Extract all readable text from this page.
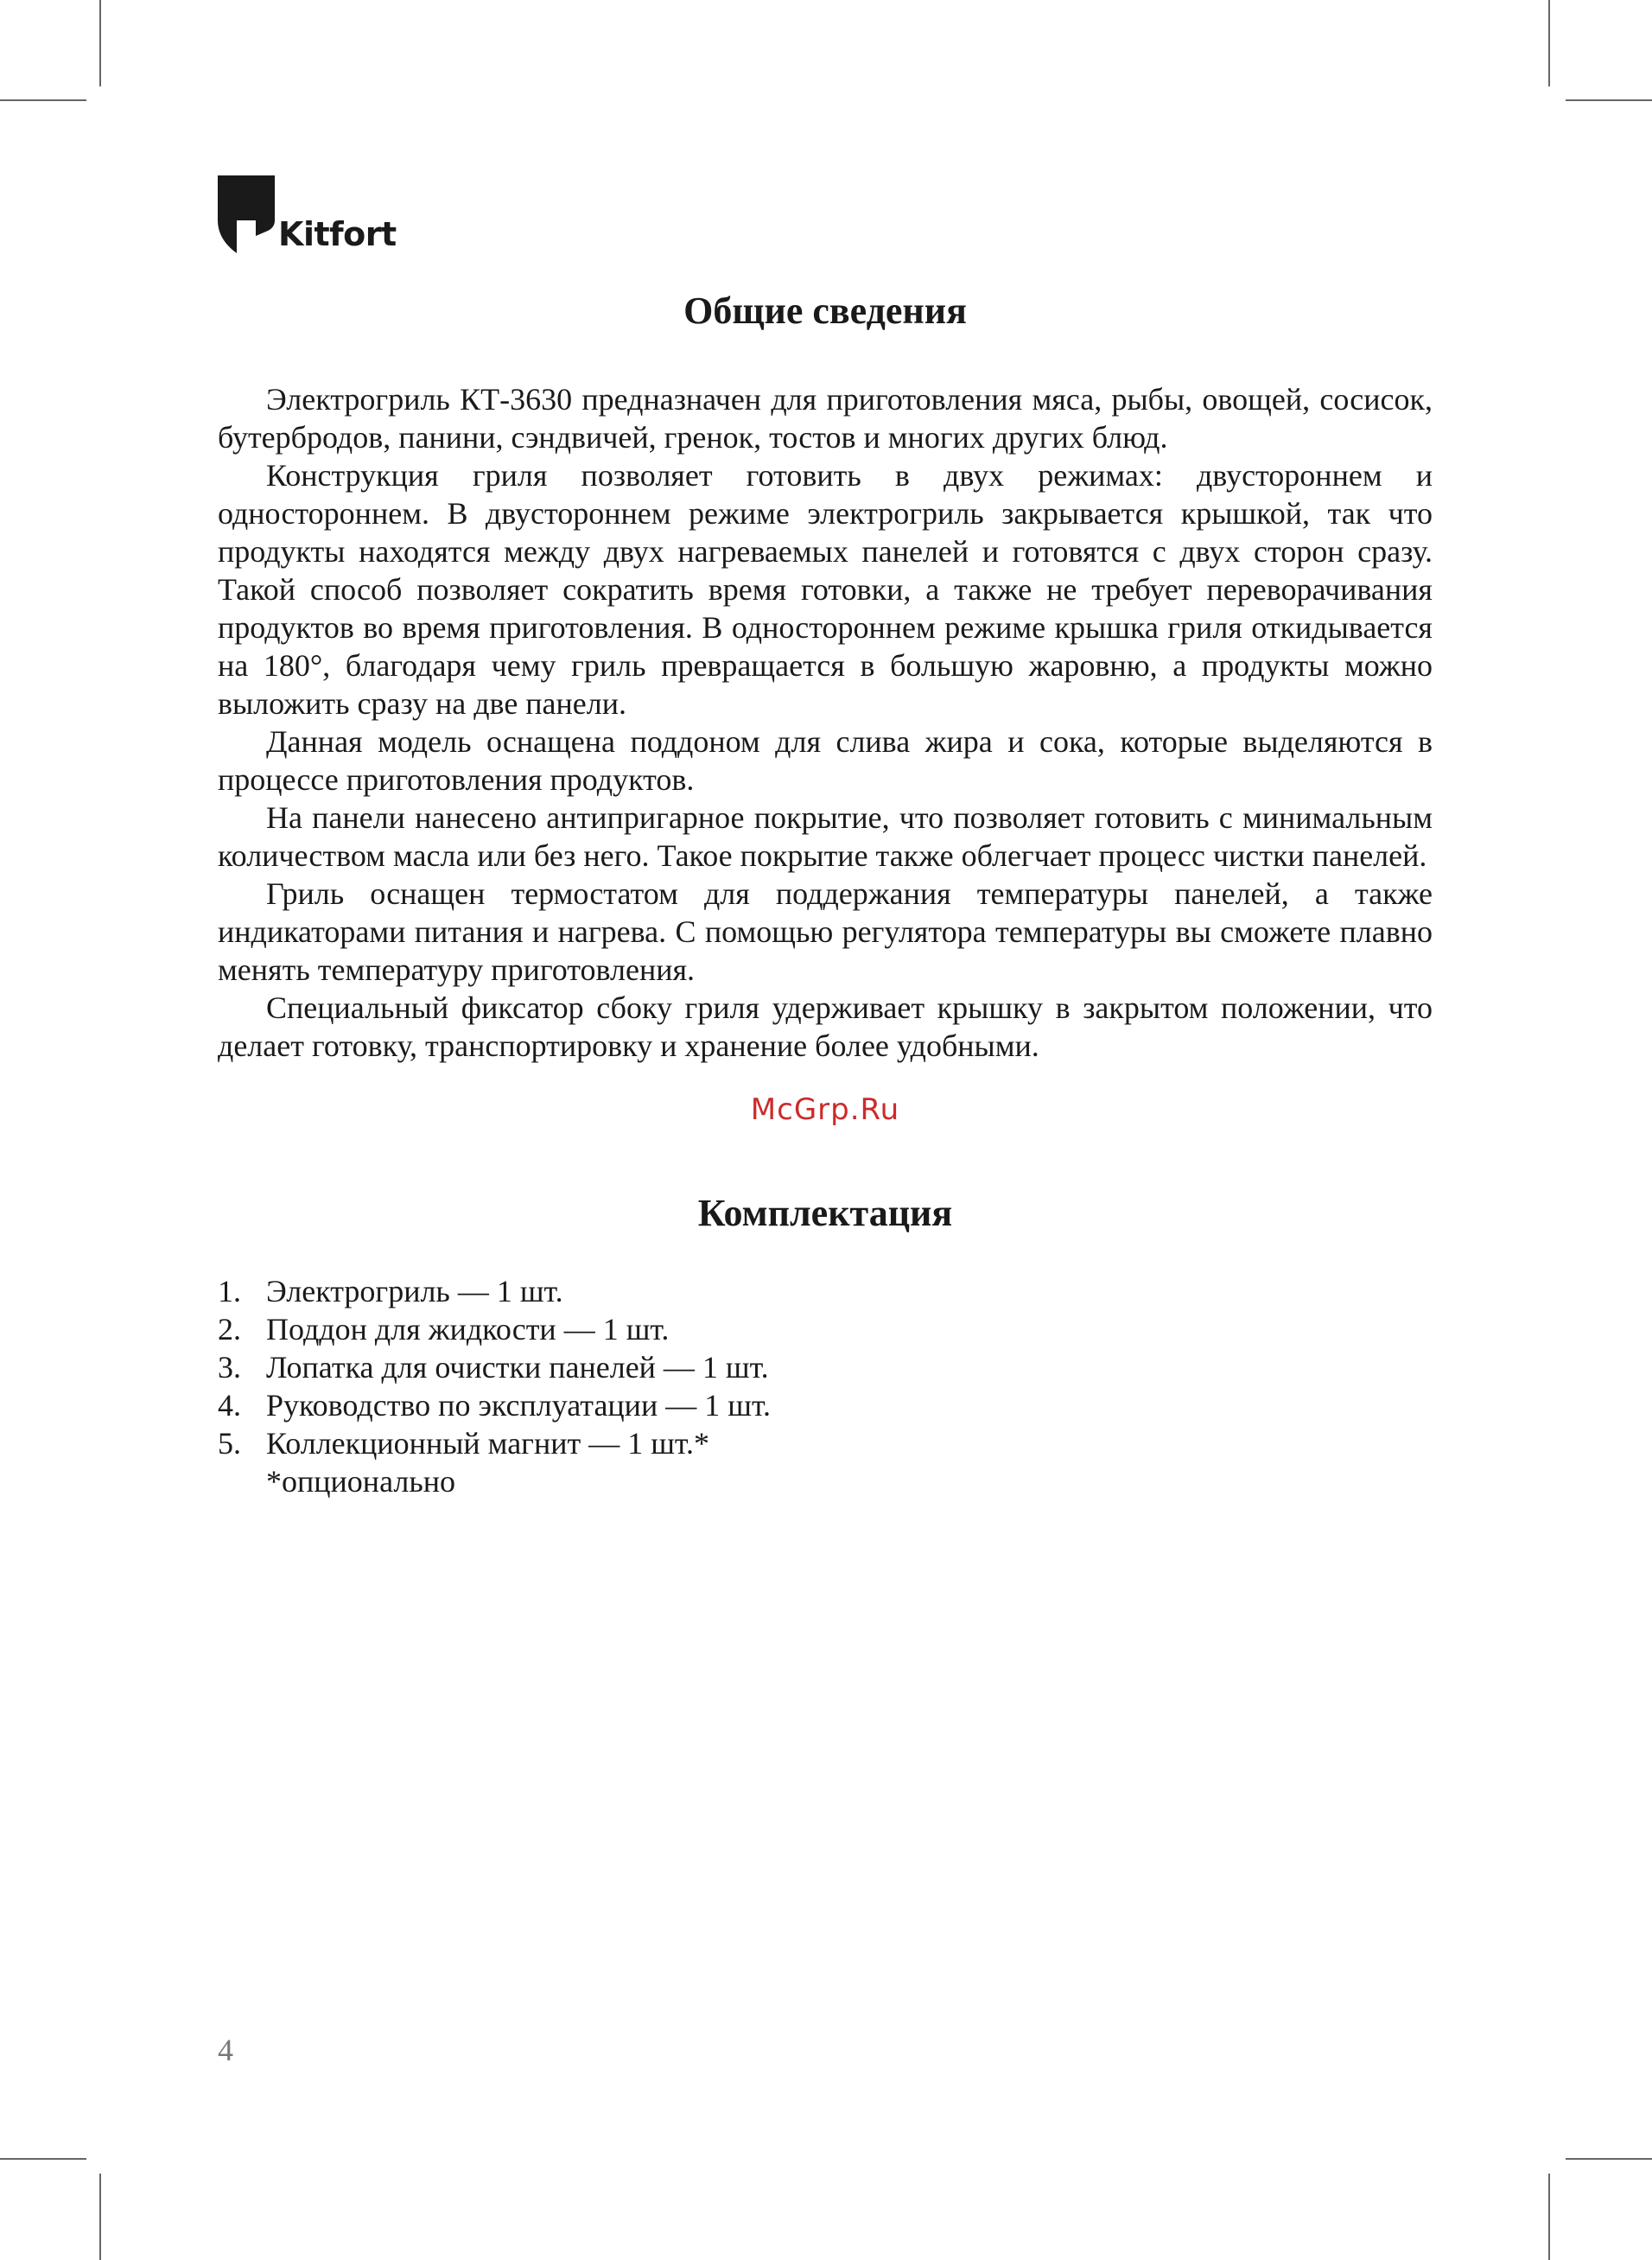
Kitfort
Общие сведения

Электрогриль КТ-3630 предназначен для приготовления мяса, рыбы, овощей, сосисок, бутербродов, панини, сэндвичей, гренок, тостов и многих других блюд.

Конструкция гриля позволяет готовить в двух режимах: двустороннем и одностороннем. В двустороннем режиме электрогриль закрывается крышкой, так что продукты находятся между двух нагреваемых панелей и готовятся с двух сторон сразу. Такой способ позволяет сократить время готовки, а также не требует переворачивания продуктов во время приготовления. В одностороннем режиме крышка гриля откидывается на 180°, благодаря чему гриль превращается в большую жаровню, а продукты можно выложить сразу на две панели.

Данная модель оснащена поддоном для слива жира и сока, которые выделяются в процессе приготовления продуктов.

На панели нанесено антипригарное покрытие, что позволяет готовить с минимальным количеством масла или без него. Такое покрытие также облегчает процесс чистки панелей.

Гриль оснащен термостатом для поддержания температуры панелей, а также индикаторами питания и нагрева. С помощью регулятора температуры вы сможете плавно менять температуру приготовления.

Специальный фиксатор сбоку гриля удерживает крышку в закрытом положении, что делает готовку, транспортировку и хранение более удобными.

McGrp.Ru

Комплектация
1. Электрогриль — 1 шт.
2. Поддон для жидкости — 1 шт.
3. Лопатка для очистки панелей — 1 шт.
4. Руководство по эксплуатации — 1 шт.
5. Коллекционный магнит — 1 шт.*

*опционально

4
